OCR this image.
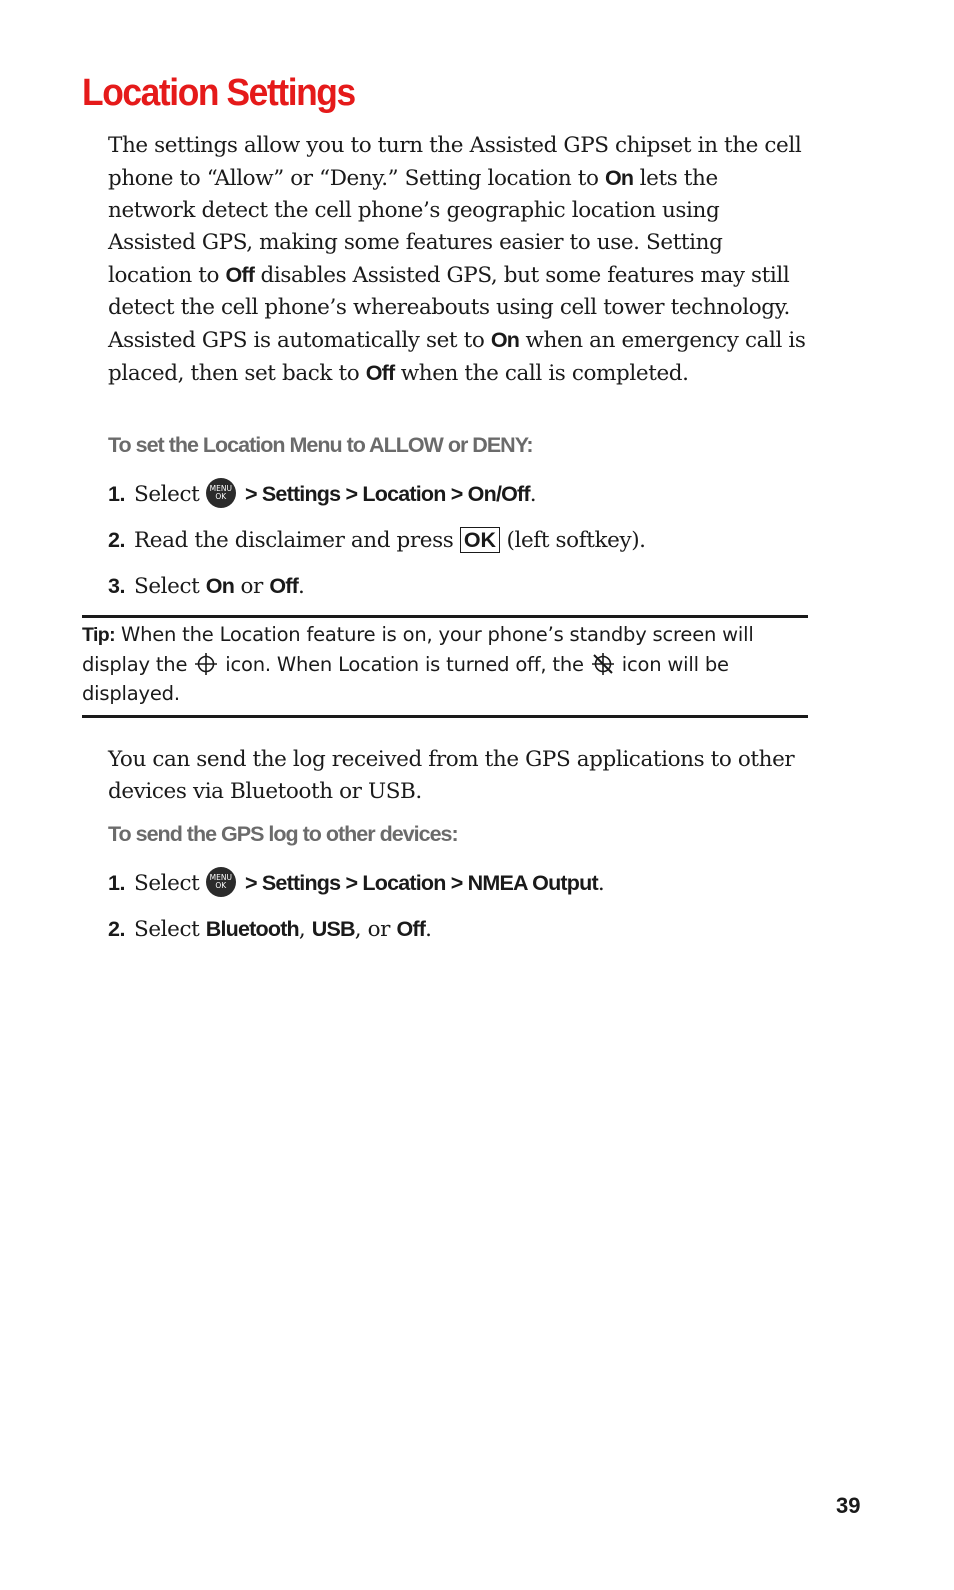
Location Settings

The settings allow you to turn the Assisted GPS chipset in the cell phone to “Allow” or “Deny.” Setting location to On lets the network detect the cell phone’s geographic location using Assisted GPS, making some features easier to use. Setting location to Off disables Assisted GPS, but some features may still detect the cell phone’s whereabouts using cell tower technology. Assisted GPS is automatically set to On when an emergency call is placed, then set back to Off when the call is completed.

To set the Location Menu to ALLOW or DENY:
1. Select MENU
OK > Settings > Location > On/Off.
2. Read the disclaimer and press OK (left softkey).
3. Select On or Off.
Tip: When the Location feature is on, your phone’s standby screen will display the  icon. When Location is turned off, the  icon will be displayed.

You can send the log received from the GPS applications to other devices via Bluetooth or USB.

To send the GPS log to other devices:
1. Select MENU
OK > Settings > Location > NMEA Output.
2. Select Bluetooth, USB, or Off.
39
